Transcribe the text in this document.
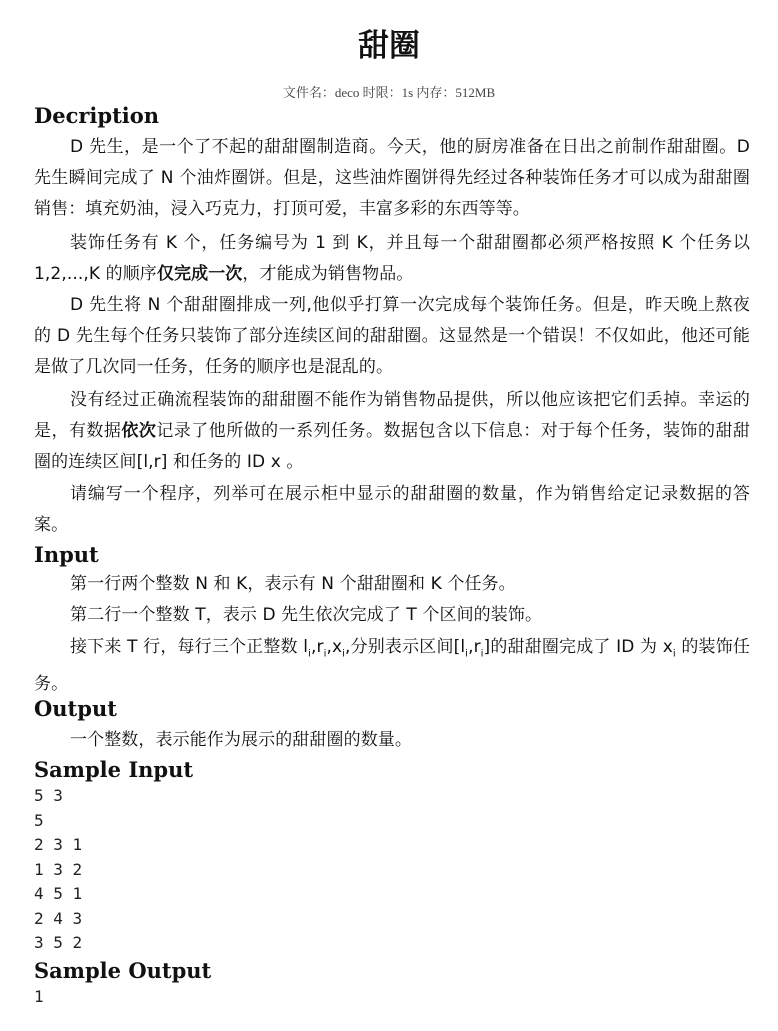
甜圈
文件名：deco 时限：1s 内存：512MB
Decription

D 先生，是一个了不起的甜甜圈制造商。今天，他的厨房准备在日出之前制作甜甜圈。D 先生瞬间完成了 N 个油炸圈饼。但是，这些油炸圈饼得先经过各种装饰任务才可以成为甜甜圈销售：填充奶油，浸入巧克力，打顶可爱，丰富多彩的东西等等。

装饰任务有 K 个，任务编号为 1 到 K，并且每一个甜甜圈都必须严格按照 K 个任务以 1,2,...,K 的顺序仅完成一次，才能成为销售物品。

D 先生将 N 个甜甜圈排成一列,他似乎打算一次完成每个装饰任务。但是，昨天晚上熬夜的 D 先生每个任务只装饰了部分连续区间的甜甜圈。这显然是一个错误！不仅如此，他还可能是做了几次同一任务，任务的顺序也是混乱的。

没有经过正确流程装饰的甜甜圈不能作为销售物品提供，所以他应该把它们丢掉。幸运的是，有数据依次记录了他所做的一系列任务。数据包含以下信息：对于每个任务，装饰的甜甜圈的连续区间[l,r] 和任务的 ID x 。

请编写一个程序，列举可在展示柜中显示的甜甜圈的数量，作为销售给定记录数据的答案。

Input

第一行两个整数 N 和 K，表示有 N 个甜甜圈和 K 个任务。

第二行一个整数 T，表示 D 先生依次完成了 T 个区间的装饰。

接下来 T 行，每行三个正整数 $l_i,r_i,x_i$,分别表示区间$[l_i,r_i]$的甜甜圈完成了 ID 为 $x_i$ 的装饰任务。

Output

一个整数，表示能作为展示的甜甜圈的数量。

Sample Input
5 3
5
2 3 1
1 3 2
4 5 1
2 4 3
3 5 2
Sample Output
1
